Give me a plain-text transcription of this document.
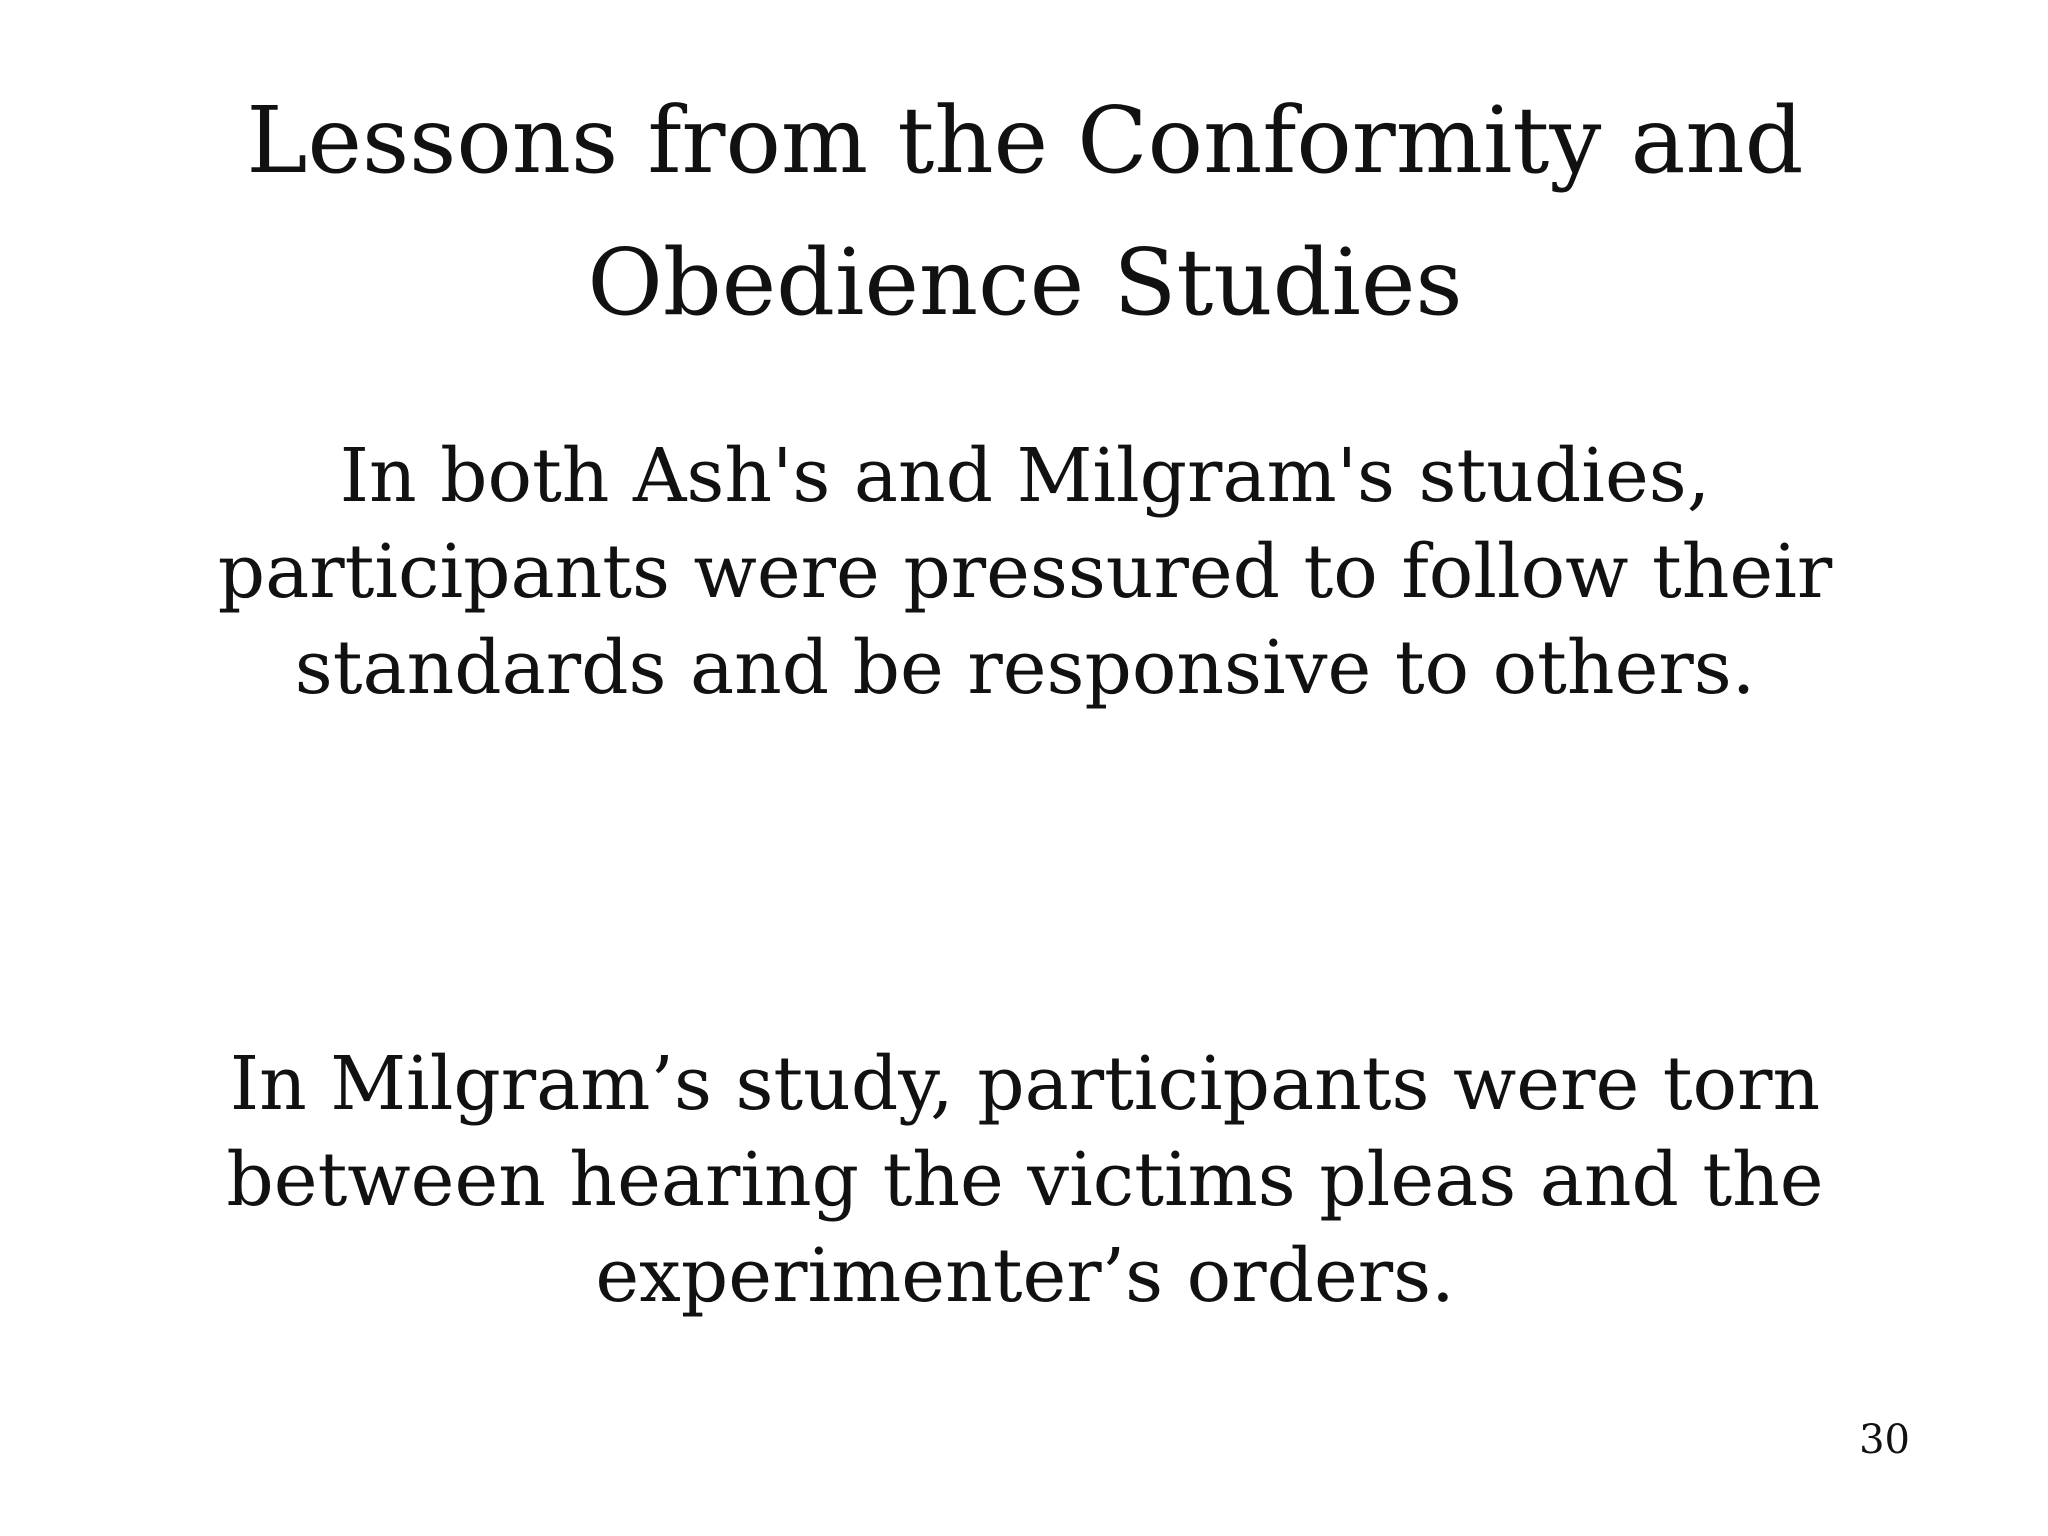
Lessons from the Conformity and
Obedience Studies

In both Ash's and Milgram's studies,
participants were pressured to follow their
standards and be responsive to others.

In Milgram’s study, participants were torn
between hearing the victims pleas and the
experimenter’s orders.

30
